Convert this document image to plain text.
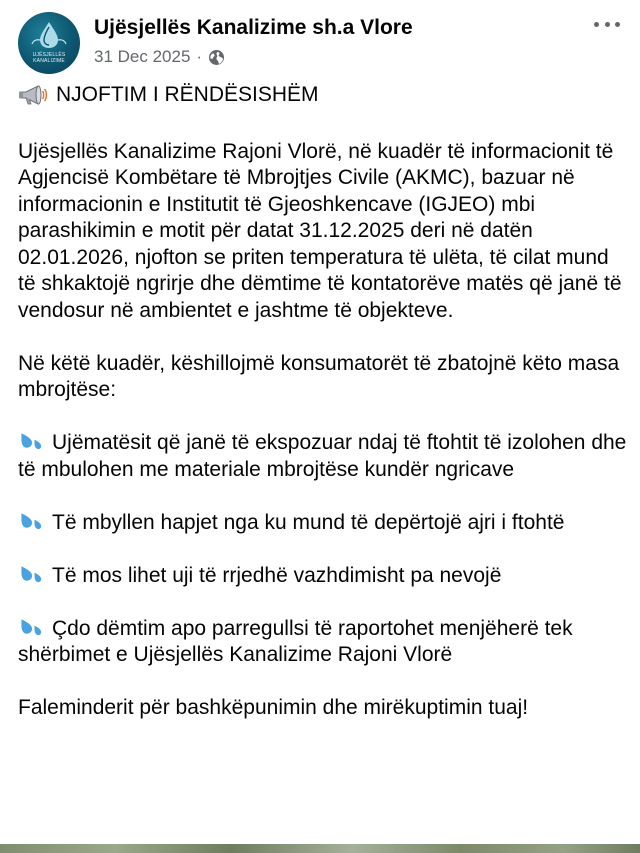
UJËSJELLËS
KANALIZIME
Ujësjellës Kanalizime sh.a Vlore
31 Dec 2025 ·

NJOFTIM I RËNDËSISHËM

Ujësjellës Kanalizime Rajoni Vlorë, në kuadër të informacionit të Agjencisë Kombëtare të Mbrojtjes Civile (AKMC), bazuar në informacionin e Institutit të Gjeoshkencave (IGJEO) mbi parashikimin e motit për datat 31.12.2025 deri në datën 02.01.2026, njofton se priten temperatura të ulëta, të cilat mund të shkaktojë ngrirje dhe dëmtime të kontatorëve matës që janë të vendosur në ambientet e jashtme të objekteve.

Në këtë kuadër, këshillojmë konsumatorët të zbatojnë këto masa mbrojtëse:

Ujëmatësit që janë të ekspozuar ndaj të ftohtit të izolohen dhe të mbulohen me materiale mbrojtëse kundër ngricave

Të mbyllen hapjet nga ku mund të depërtojë ajri i ftohtë

Të mos lihet uji të rrjedhë vazhdimisht pa nevojë

Çdo dëmtim apo parregullsi të raportohet menjëherë tek shërbimet e Ujësjellës Kanalizime Rajoni Vlorë

Faleminderit për bashkëpunimin dhe mirëkuptimin tuaj!
